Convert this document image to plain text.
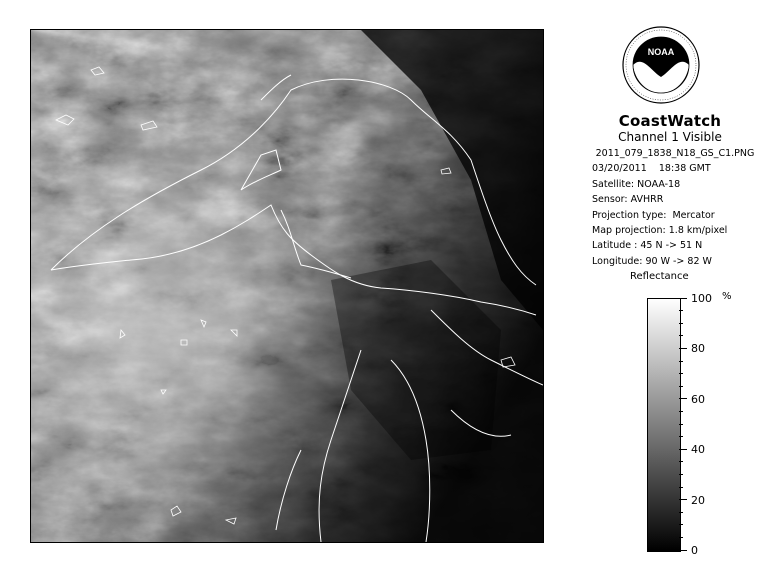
NOAA
CoastWatch
Channel 1 Visible
2011_079_1838_N18_GS_C1.PNG
03/20/2011 18:38 GMT
Satellite: NOAA-18
Sensor: AVHRR
Projection type: Mercator
Map projection: 1.8 km/pixel
Latitude : 45 N -> 51 N
Longitude: 90 W -> 82 W
Reflectance
%
100
80
60
40
20
0
